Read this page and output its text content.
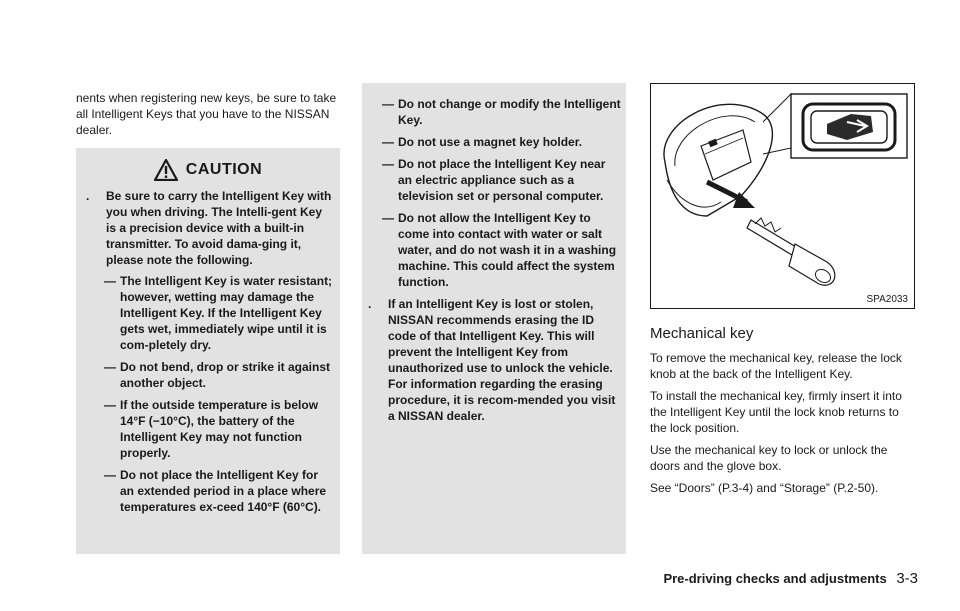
nents when registering new keys, be sure to take all Intelligent Keys that you have to the NISSAN dealer.
CAUTION
. Be sure to carry the Intelligent Key with you when driving. The Intelli-gent Key is a precision device with a built-in transmitter. To avoid dama-ging it, please note the following.
— The Intelligent Key is water resistant; however, wetting may damage the Intelligent Key. If the Intelligent Key gets wet, immediately wipe until it is com-pletely dry.
— Do not bend, drop or strike it against another object.
— If the outside temperature is below 14°F (−10°C), the battery of the Intelligent Key may not function properly.
— Do not place the Intelligent Key for an extended period in a place where temperatures ex-ceed 140°F (60°C).
— Do not change or modify the Intelligent Key.
— Do not use a magnet key holder.
— Do not place the Intelligent Key near an electric appliance such as a television set or personal computer.
— Do not allow the Intelligent Key to come into contact with water or salt water, and do not wash it in a washing machine. This could affect the system function.
. If an Intelligent Key is lost or stolen, NISSAN recommends erasing the ID code of that Intelligent Key. This will prevent the Intelligent Key from unauthorized use to unlock the vehicle. For information regarding the erasing procedure, it is recom-mended you visit a NISSAN dealer.
SPA2033
Mechanical key

To remove the mechanical key, release the lock knob at the back of the Intelligent Key.

To install the mechanical key, firmly insert it into the Intelligent Key until the lock knob returns to the lock position.

Use the mechanical key to lock or unlock the doors and the glove box.

See “Doors” (P.3-4) and “Storage” (P.2-50).

Pre-driving checks and adjustments 3-3
